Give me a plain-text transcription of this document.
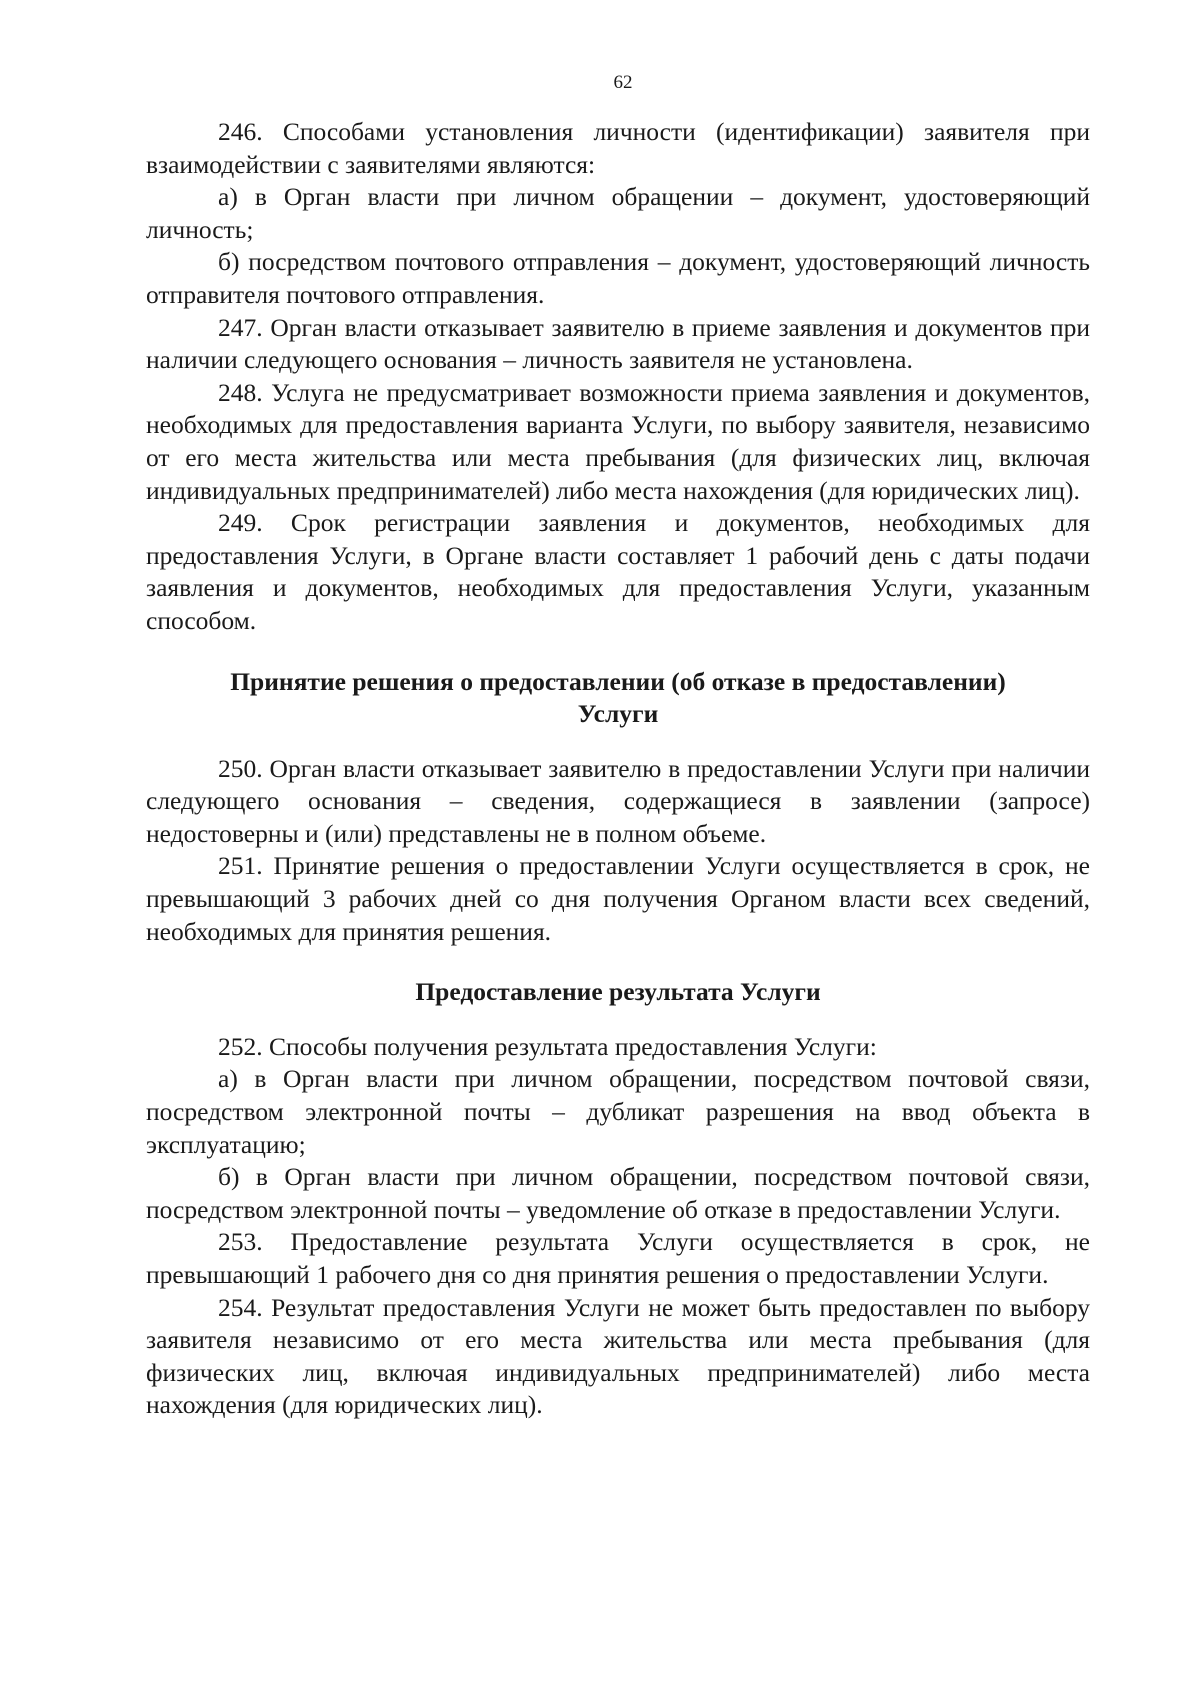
62

246. Способами установления личности (идентификации) заявителя при взаимодействии с заявителями являются:

а) в Орган власти при личном обращении – документ, удостоверяющий личность;

б) посредством почтового отправления – документ, удостоверяющий личность отправителя почтового отправления.

247. Орган власти отказывает заявителю в приеме заявления и документов при наличии следующего основания – личность заявителя не установлена.

248. Услуга не предусматривает возможности приема заявления и документов, необходимых для предоставления варианта Услуги, по выбору заявителя, независимо от его места жительства или места пребывания (для физических лиц, включая индивидуальных предпринимателей) либо места нахождения (для юридических лиц).

249. Срок регистрации заявления и документов, необходимых для предоставления Услуги, в Органе власти составляет 1 рабочий день с даты подачи заявления и документов, необходимых для предоставления Услуги, указанным способом.

Принятие решения о предоставлении (об отказе в предоставлении)
Услуги

250. Орган власти отказывает заявителю в предоставлении Услуги при наличии следующего основания – сведения, содержащиеся в заявлении (запросе) недостоверны и (или) представлены не в полном объеме.

251. Принятие решения о предоставлении Услуги осуществляется в срок, не превышающий 3 рабочих дней со дня получения Органом власти всех сведений, необходимых для принятия решения.

Предоставление результата Услуги

252. Способы получения результата предоставления Услуги:

а) в Орган власти при личном обращении, посредством почтовой связи, посредством электронной почты – дубликат разрешения на ввод объекта в эксплуатацию;

б) в Орган власти при личном обращении, посредством почтовой связи, посредством электронной почты – уведомление об отказе в предоставлении Услуги.

253. Предоставление результата Услуги осуществляется в срок, не превышающий 1 рабочего дня со дня принятия решения о предоставлении Услуги.

254. Результат предоставления Услуги не может быть предоставлен по выбору заявителя независимо от его места жительства или места пребывания (для физических лиц, включая индивидуальных предпринимателей) либо места нахождения (для юридических лиц).
